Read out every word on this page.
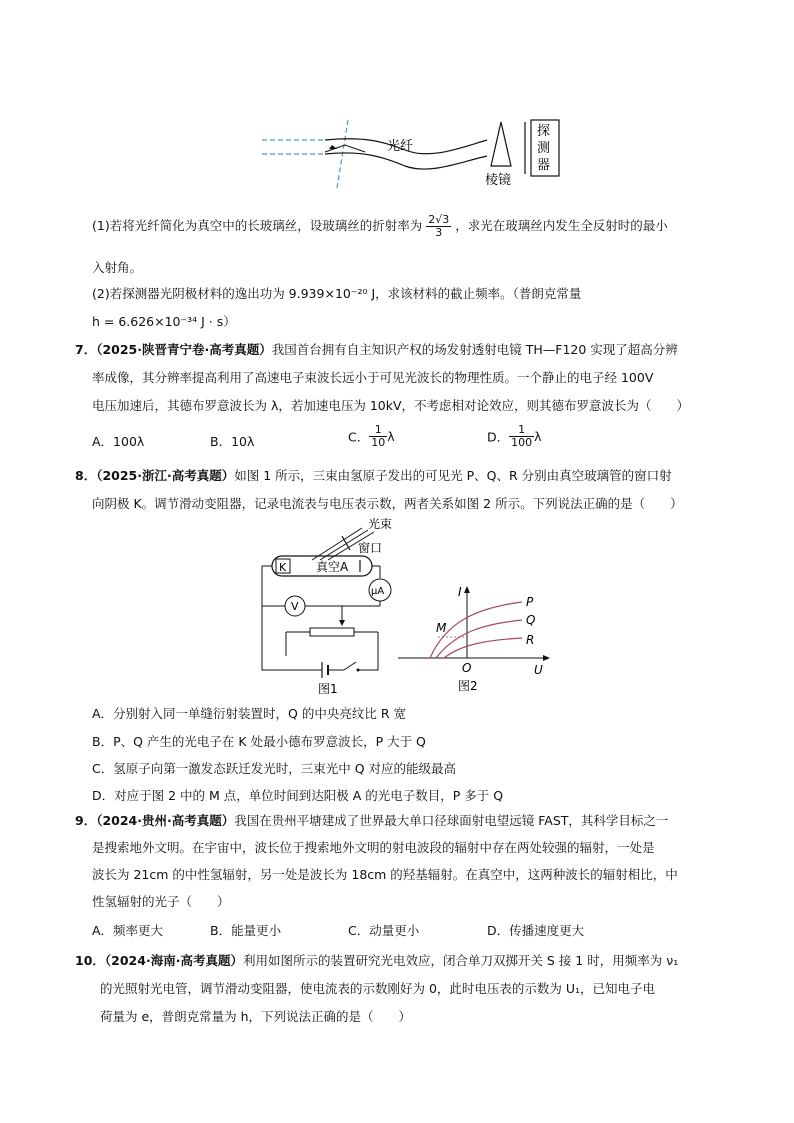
光纤
棱镜
探
测
器
(1)若将光纤简化为真空中的长玻璃丝，设玻璃丝的折射率为 $\frac{2√3}{3}$ ，求光在玻璃丝内发生全反射时的最小
入射角。
(2)若探测器光阴极材料的逸出功为 9.939×10⁻²⁰ J，求该材料的截止频率。（普朗克常量
h = 6.626×10⁻³⁴ J · s）
7．（2025·陕晋青宁卷·高考真题）我国首台拥有自主知识产权的场发射透射电镜 TH—F120 实现了超高分辨
率成像，其分辨率提高利用了高速电子束波长远小于可见光波长的物理性质。一个静止的电子经 100V
电压加速后，其德布罗意波长为 λ，若加速电压为 10kV，不考虑相对论效应，则其德布罗意波长为（　　）
A．100λ	B．10λ	C． $\frac{1}{10}$ λ	D． $\frac{1}{100}$ λ
8．（2025·浙江·高考真题）如图 1 所示，三束由氢原子发出的可见光 P、Q、R 分别由真空玻璃管的窗口射
向阴极 K。调节滑动变阻器，记录电流表与电压表示数，两者关系如图 2 所示。下列说法正确的是（　　）
光束
窗口
K 真空A
μA
V
图1
I
U
O
M
P
Q
R
图2
A．分别射入同一单缝衍射装置时，Q 的中央亮纹比 R 宽
B．P、Q 产生的光电子在 K 处最小德布罗意波长，P 大于 Q
C．氢原子向第一激发态跃迁发光时，三束光中 Q 对应的能级最高
D．对应于图 2 中的 M 点，单位时间到达阳极 A 的光电子数目，P 多于 Q
9．（2024·贵州·高考真题）我国在贵州平塘建成了世界最大单口径球面射电望远镜 FAST，其科学目标之一
是搜索地外文明。在宇宙中，波长位于搜索地外文明的射电波段的辐射中存在两处较强的辐射，一处是
波长为 21cm 的中性氢辐射，另一处是波长为 18cm 的羟基辐射。在真空中，这两种波长的辐射相比，中
性氢辐射的光子（　　）
A．频率更大	B．能量更小	C．动量更小	D．传播速度更大
10．（2024·海南·高考真题）利用如图所示的装置研究光电效应，闭合单刀双掷开关 S 接 1 时，用频率为 ν₁
的光照射光电管，调节滑动变阻器，使电流表的示数刚好为 0，此时电压表的示数为 U₁，已知电子电
荷量为 e，普朗克常量为 h，下列说法正确的是（　　）
